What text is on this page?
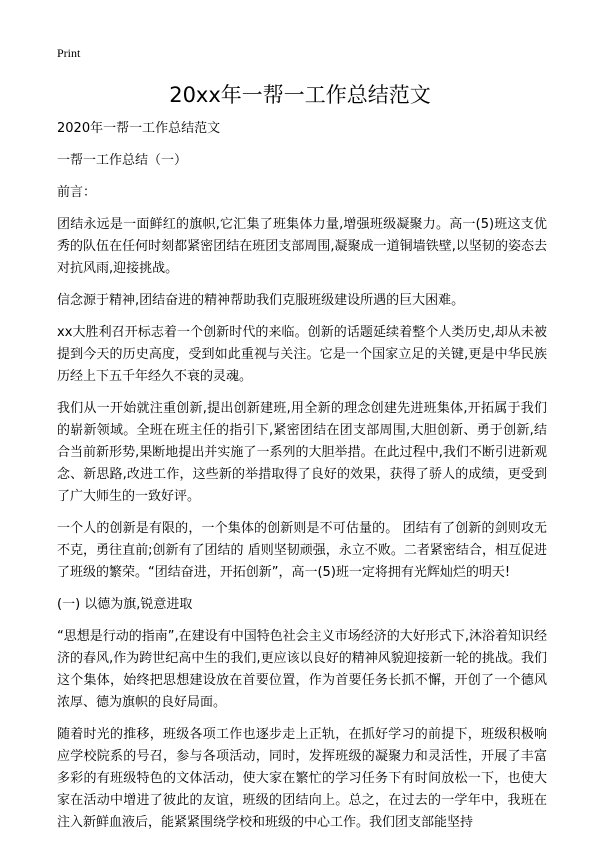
Print
20xx年一帮一工作总结范文

2020年一帮一工作总结范文

一帮一工作总结（一）

前言：

团结永远是一面鲜红的旗帜,它汇集了班集体力量,增强班级凝聚力。高一(5)班这支优秀的队伍在任何时刻都紧密团结在班团支部周围,凝聚成一道铜墙铁壁,以坚韧的姿态去对抗风雨,迎接挑战。

信念源于精神,团结奋进的精神帮助我们克服班级建设所遇的巨大困难。

xx大胜利召开标志着一个创新时代的来临。创新的话题延续着整个人类历史,却从未被提到今天的历史高度，受到如此重视与关注。它是一个国家立足的关键,更是中华民族历经上下五千年经久不衰的灵魂。

我们从一开始就注重创新,提出创新建班,用全新的理念创建先进班集体,开拓属于我们的崭新领域。全班在班主任的指引下,紧密团结在团支部周围,大胆创新、勇于创新,结合当前新形势,果断地提出并实施了一系列的大胆举措。在此过程中,我们不断引进新观念、新思路,改进工作，这些新的举措取得了良好的效果，获得了骄人的成绩，更受到了广大师生的一致好评。

一个人的创新是有限的，一个集体的创新则是不可估量的。 团结有了创新的剑则攻无不克，勇往直前;创新有了团结的 盾则坚韧顽强，永立不败。二者紧密结合，相互促进了班级的繁荣。“团结奋进，开拓创新”，高一(5)班一定将拥有光辉灿烂的明天!

(一) 以德为旗,锐意进取

“思想是行动的指南”,在建设有中国特色社会主义市场经济的大好形式下,沐浴着知识经济的春风,作为跨世纪高中生的我们,更应该以良好的精神风貌迎接新一轮的挑战。我们这个集体，始终把思想建设放在首要位置，作为首要任务长抓不懈，开创了一个德风浓厚、德为旗帜的良好局面。

随着时光的推移，班级各项工作也逐步走上正轨，在抓好学习的前提下，班级积极响应学校院系的号召，参与各项活动，同时，发挥班级的凝聚力和灵活性，开展了丰富多彩的有班级特色的文体活动，使大家在繁忙的学习任务下有时间放松一下，也使大家在活动中增进了彼此的友谊，班级的团结向上。总之，在过去的一学年中，我班在注入新鲜血液后，能紧紧围绕学校和班级的中心工作。我们团支部能坚持
